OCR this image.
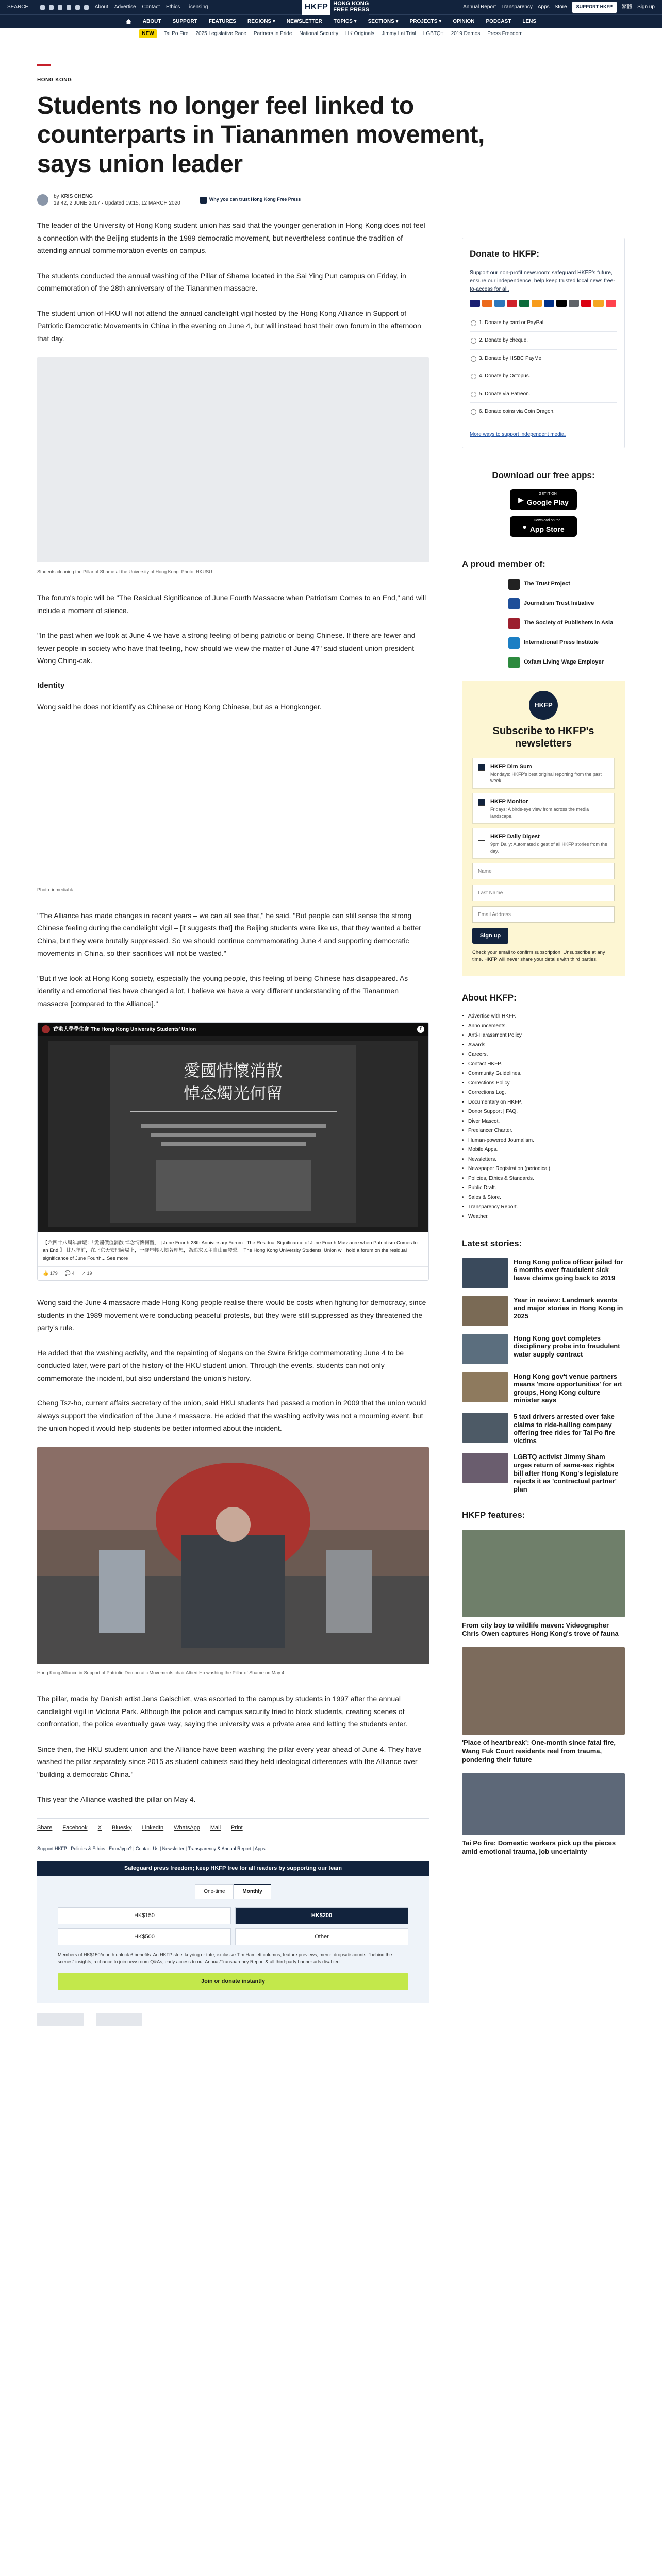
SEARCH	About Advertise Contact Ethics Licensing	HKFP HONG KONG
FREE PRESS	Annual Report Transparency Apps Store	SUPPORT HKFP	繁體 Sign up
ABOUT SUPPORT FEATURES REGIONS ▾ NEWSLETTER TOPICS ▾ SECTIONS ▾ PROJECTS ▾ OPINION PODCAST LENS
NEW	Tai Po Fire 2025 Legislative Race Partners in Pride National Security HK Originals Jimmy Lai Trial LGBTQ+ 2019 Demos Press Freedom
HONG KONG
Students no longer feel linked to counterparts in Tiananmen movement, says union leader
by KRIS CHENG
19:42, 2 JUNE 2017 · Updated 19:15, 12 MARCH 2020
Why you can trust Hong Kong Free Press

The leader of the University of Hong Kong student union has said that the younger generation in Hong Kong does not feel a connection with the Beijing students in the 1989 democratic movement, but nevertheless continue the tradition of attending annual commemoration events on campus.

The students conducted the annual washing of the Pillar of Shame located in the Sai Ying Pun campus on Friday, in commemoration of the 28th anniversary of the Tiananmen massacre.

The student union of HKU will not attend the annual candlelight vigil hosted by the Hong Kong Alliance in Support of Patriotic Democratic Movements in China in the evening on June 4, but will instead host their own forum in the afternoon that day.

Students cleaning the Pillar of Shame at the University of Hong Kong. Photo: HKUSU.

The forum's topic will be "The Residual Significance of June Fourth Massacre when Patriotism Comes to an End," and will include a moment of silence.

"In the past when we look at June 4 we have a strong feeling of being patriotic or being Chinese. If there are fewer and fewer people in society who have that feeling, how should we view the matter of June 4?" said student union president Wong Ching-cak.

Identity

Wong said he does not identify as Chinese or Hong Kong Chinese, but as a Hongkonger.

Photo: inmediahk.

"The Alliance has made changes in recent years – we can all see that," he said. "But people can still sense the strong Chinese feeling during the candlelight vigil – [it suggests that] the Beijing students were like us, that they wanted a better China, but they were brutally suppressed. So we should continue commemorating June 4 and supporting democratic movements in China, so their sacrifices will not be wasted."

"But if we look at Hong Kong society, especially the young people, this feeling of being Chinese has disappeared. As identity and emotional ties have changed a lot, I believe we have a very different understanding of the Tiananmen massacre [compared to the Alliance]."

香港大學學生會 The Hong Kong University Students' Union	f
愛國情懷消散
悼念燭光何留
【六四廿八周年論壇：「愛國價值消散 悼念情懷何留」 | June Fourth 28th Anniversary Forum : The Residual Significance of June Fourth Massacre when Patriotism Comes to an End 】 廿八年前，在北京天安門廣場上，一群年輕人懷著理想，為追求民主自由而發聲。 The Hong Kong University Students' Union will hold a forum on the residual significance of June Fourth... See more
👍 179 💬 4 ↗ 19

Wong said the June 4 massacre made Hong Kong people realise there would be costs when fighting for democracy, since students in the 1989 movement were conducting peaceful protests, but they were still suppressed as they threatened the party's rule.

He added that the washing activity, and the repainting of slogans on the Swire Bridge commemorating June 4 to be conducted later, were part of the history of the HKU student union. Through the events, students can not only commemorate the incident, but also understand the union's history.

Cheng Tsz-ho, current affairs secretary of the union, said HKU students had passed a motion in 2009 that the union would always support the vindication of the June 4 massacre. He added that the washing activity was not a mourning event, but the union hoped it would help students be better informed about the incident.

Hong Kong Alliance in Support of Patriotic Democratic Movements chair Albert Ho washing the Pillar of Shame on May 4.

The pillar, made by Danish artist Jens Galschiøt, was escorted to the campus by students in 1997 after the annual candlelight vigil in Victoria Park. Although the police and campus security tried to block students, creating scenes of confrontation, the police eventually gave way, saying the university was a private area and letting the students enter.

Since then, the HKU student union and the Alliance have been washing the pillar every year ahead of June 4. They have washed the pillar separately since 2015 as student cabinets said they held ideological differences with the Alliance over "building a democratic China."

This year the Alliance washed the pillar on May 4.

Share Facebook X Bluesky LinkedIn WhatsApp Mail Print
Support HKFP | Policies & Ethics | Error/typo? | Contact Us | Newsletter | Transparency & Annual Report | Apps
Safeguard press freedom; keep HKFP free for all readers by supporting our team
One-time	Monthly
HK$150	HK$200
HK$500	Other
Members of HK$150/month unlock 6 benefits: An HKFP steel keyring or tote; exclusive Tim Hamlett columns; feature previews; merch drops/discounts; "behind the scenes" insights; a chance to join newsroom Q&As; early access to our Annual/Transparency Report & all third-party banner ads disabled.
Join or donate instantly
Donate to HKFP:

Support our non-profit newsroom: safeguard HKFP's future, ensure our independence, help keep trusted local news free-to-access for all.

1. Donate by card or PayPal.
2. Donate by cheque.
3. Donate by HSBC PayMe.
4. Donate by Octopus.
5. Donate via Patreon.
6. Donate coins via Coin Dragon.
More ways to support independent media.
Download our free apps:
▶
GET IT ON
Google Play
●
Download on the
App Store
A proud member of:
The Trust Project
Journalism Trust Initiative
The Society of Publishers in Asia
International Press Institute
Oxfam Living Wage Employer
HKFP
Subscribe to HKFP's newsletters
HKFP Dim Sum
Mondays: HKFP's best original reporting from the past week.
HKFP Monitor
Fridays: A birds-eye view from across the media landscape.
HKFP Daily Digest
9pm Daily: Automated digest of all HKFP stories from the day.
Name
Last Name
Email Address
Sign up
Check your email to confirm subscription. Unsubscribe at any time. HKFP will never share your details with third parties.
About HKFP:
• Advertise with HKFP.
• Announcements.
• Anti-Harassment Policy.
• Awards.
• Careers.
• Contact HKFP.
• Community Guidelines.
• Corrections Policy.
• Corrections Log.
• Documentary on HKFP.
• Donor Support | FAQ.
• Diver Mascot.
• Freelancer Charter.
• Human-powered Journalism.
• Mobile Apps.
• Newsletters.
• Newspaper Registration (periodical).
• Policies, Ethics & Standards.
• Public Draft.
• Sales & Store.
• Transparency Report.
• Weather.
Latest stories:
Hong Kong police officer jailed for 6 months over fraudulent sick leave claims going back to 2019
Year in review: Landmark events and major stories in Hong Kong in 2025
Hong Kong govt completes disciplinary probe into fraudulent water supply contract
Hong Kong gov't venue partners means 'more opportunities' for art groups, Hong Kong culture minister says
5 taxi drivers arrested over fake claims to ride-hailing company offering free rides for Tai Po fire victims
LGBTQ activist Jimmy Sham urges return of same-sex rights bill after Hong Kong's legislature rejects it as 'contractual partner' plan
HKFP features:
From city boy to wildlife maven: Videographer Chris Owen captures Hong Kong's trove of fauna
'Place of heartbreak': One-month since fatal fire, Wang Fuk Court residents reel from trauma, pondering their future
Tai Po fire: Domestic workers pick up the pieces amid emotional trauma, job uncertainty
